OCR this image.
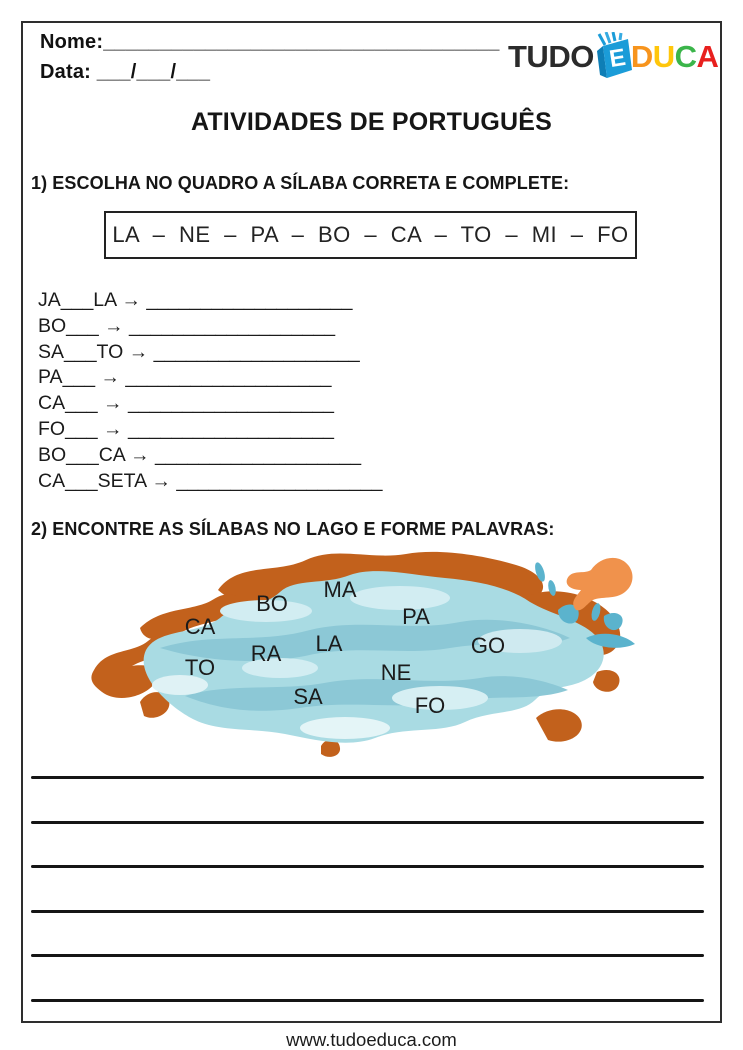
Nome:___________________________________
Data: ___/___/___	TUDO E D U C A
ATIVIDADES DE PORTUGUÊS
1) ESCOLHA NO QUADRO A SÍLABA CORRETA E COMPLETE:
LA – NE – PA – BO – CA – TO – MI – FO
JA___LA → ___________________
BO___ → ___________________
SA___TO → ___________________
PA___ → ___________________
CA___ → ___________________
FO___ → ___________________
BO___CA → ___________________
CA___SETA → ___________________
2) ENCONTRE AS SÍLABAS NO LAGO E FORME PALAVRAS:
MA
BO
PA
CA
LA	GO
RA
TO	NE
SA	FO
www.tudoeduca.com
